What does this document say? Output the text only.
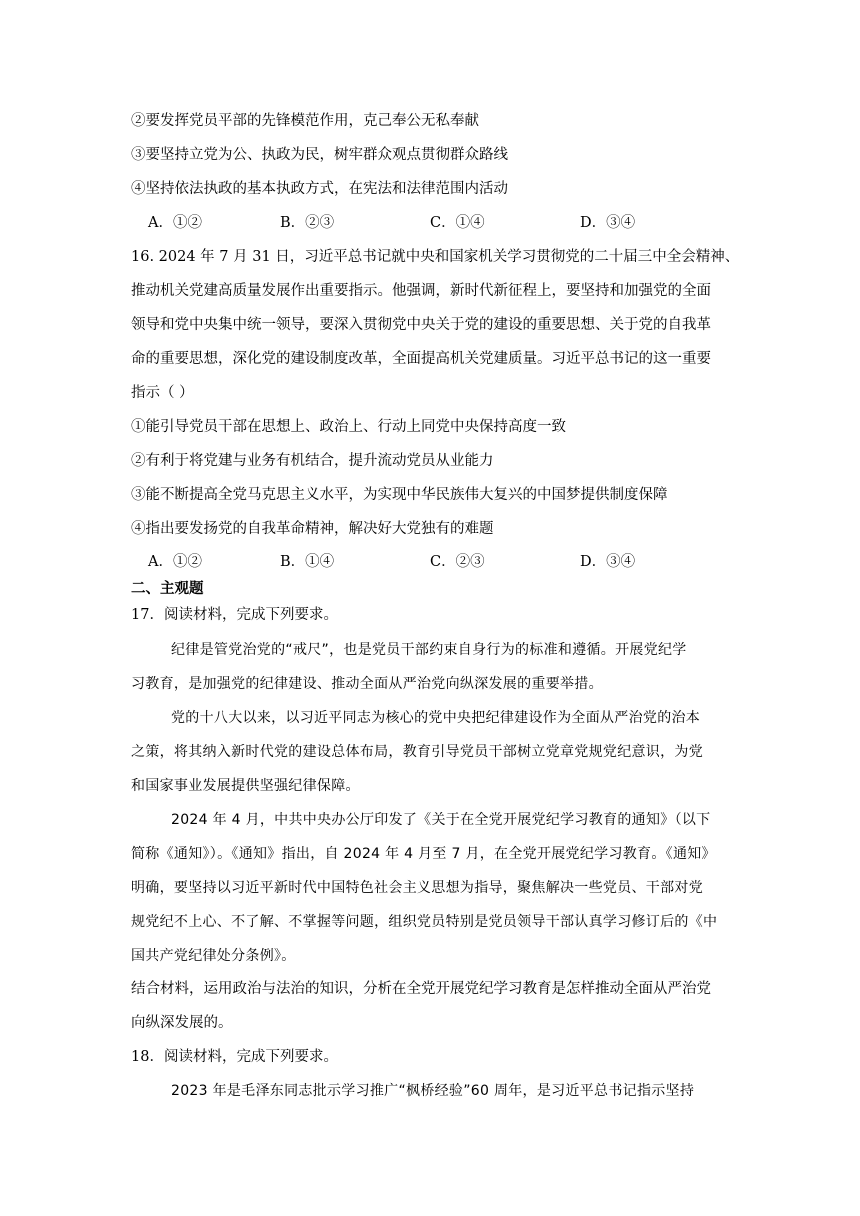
②要发挥党员平部的先锋模范作用，克己奉公无私奉献
③要坚持立党为公、执政为民，树牢群众观点贯彻群众路线
④坚持依法执政的基本执政方式，在宪法和法律范围内活动
A．①②	B．②③	C．①④	D．③④
16. 2024 年 7 月 31 日，习近平总书记就中央和国家机关学习贯彻党的二十届三中全会精神、
推动机关党建高质量发展作出重要指示。他强调，新时代新征程上，要坚持和加强党的全面
领导和党中央集中统一领导，要深入贯彻党中央关于党的建设的重要思想、关于党的自我革
命的重要思想，深化党的建设制度改革，全面提高机关党建质量。习近平总书记的这一重要
指示（ ）
①能引导党员干部在思想上、政治上、行动上同党中央保持高度一致
②有利于将党建与业务有机结合，提升流动党员从业能力
③能不断提高全党马克思主义水平，为实现中华民族伟大复兴的中国梦提供制度保障
④指出要发扬党的自我革命精神，解决好大党独有的难题
A．①②	B．①④	C．②③	D．③④
二、主观题
17．阅读材料，完成下列要求。
纪律是管党治党的“戒尺”，也是党员干部约束自身行为的标准和遵循。开展党纪学
习教育，是加强党的纪律建设、推动全面从严治党向纵深发展的重要举措。
党的十八大以来，以习近平同志为核心的党中央把纪律建设作为全面从严治党的治本
之策，将其纳入新时代党的建设总体布局，教育引导党员干部树立党章党规党纪意识，为党
和国家事业发展提供坚强纪律保障。
2024 年 4 月，中共中央办公厅印发了《关于在全党开展党纪学习教育的通知》（以下
简称《通知》）。《通知》指出，自 2024 年 4 月至 7 月，在全党开展党纪学习教育。《通知》
明确，要坚持以习近平新时代中国特色社会主义思想为指导，聚焦解决一些党员、干部对党
规党纪不上心、不了解、不掌握等问题，组织党员特别是党员领导干部认真学习修订后的《中
国共产党纪律处分条例》。
结合材料，运用政治与法治的知识，分析在全党开展党纪学习教育是怎样推动全面从严治党
向纵深发展的。
18．阅读材料，完成下列要求。
2023 年是毛泽东同志批示学习推广“枫桥经验”60 周年，是习近平总书记指示坚持
